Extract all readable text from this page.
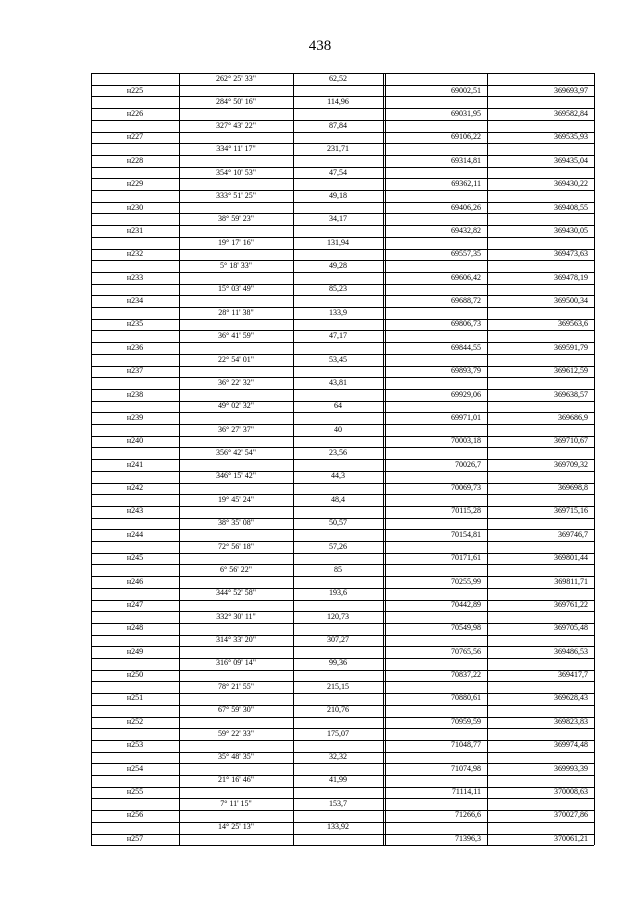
438
262° 25' 33"	62,52
н225	69002,51	369693,97
284° 50' 16"	114,96
н226	69031,95	369582,84
327° 43' 22"	87,84
н227	69106,22	369535,93
334° 11' 17"	231,71
н228	69314,81	369435,04
354° 10' 53"	47,54
н229	69362,11	369430,22
333° 51' 25"	49,18
н230	69406,26	369408,55
38° 59' 23"	34,17
н231	69432,82	369430,05
19° 17' 16"	131,94
н232	69557,35	369473,63
5° 18' 33"	49,28
н233	69606,42	369478,19
15° 03' 49"	85,23
н234	69688,72	369500,34
28° 11' 38"	133,9
н235	69806,73	369563,6
36° 41' 59"	47,17
н236	69844,55	369591,79
22° 54' 01"	53,45
н237	69893,79	369612,59
36° 22' 32"	43,81
н238	69929,06	369638,57
49° 02' 32"	64
н239	69971,01	369686,9
36° 27' 37"	40
н240	70003,18	369710,67
356° 42' 54"	23,56
н241	70026,7	369709,32
346° 15' 42"	44,3
н242	70069,73	369698,8
19° 45' 24"	48,4
н243	70115,28	369715,16
38° 35' 08"	50,57
н244	70154,81	369746,7
72° 56' 18"	57,26
н245	70171,61	369801,44
6° 56' 22"	85
н246	70255,99	369811,71
344° 52' 58"	193,6
н247	70442,89	369761,22
332° 30' 11"	120,73
н248	70549,98	369705,48
314° 33' 20"	307,27
н249	70765,56	369486,53
316° 09' 14"	99,36
н250	70837,22	369417,7
78° 21' 55"	215,15
н251	70880,61	369628,43
67° 59' 30"	210,76
н252	70959,59	369823,83
59° 22' 33"	175,07
н253	71048,77	369974,48
35° 48' 35"	32,32
н254	71074,98	369993,39
21° 16' 46"	41,99
н255	71114,11	370008,63
7° 11' 15"	153,7
н256	71266,6	370027,86
14° 25' 13"	133,92
н257	71396,3	370061,21
